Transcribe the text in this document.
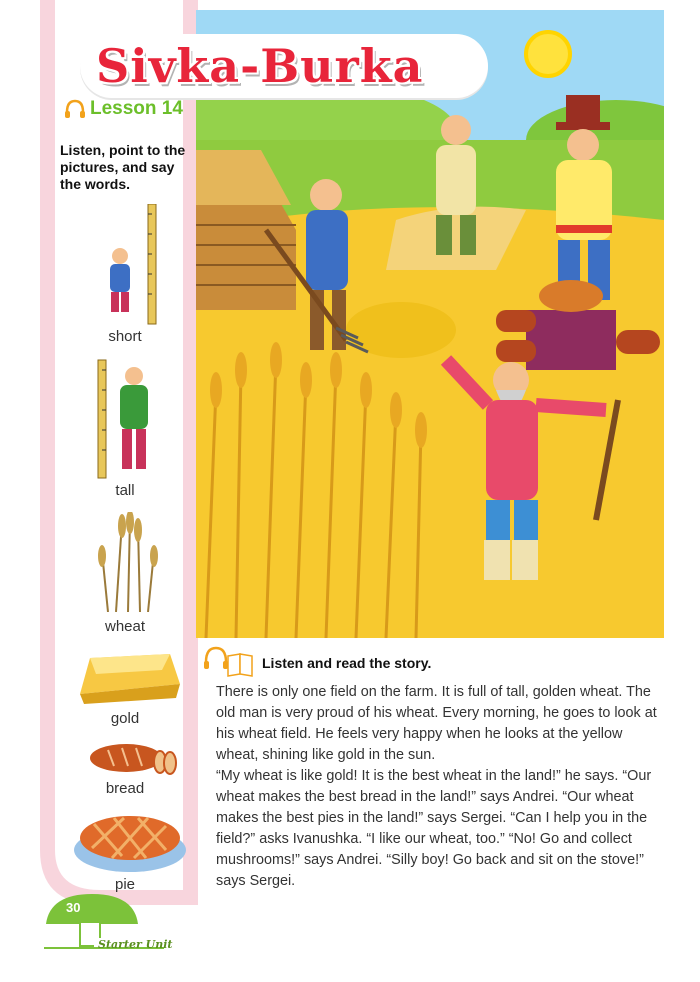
Sivka-Burka
Lesson 14
Listen, point to the pictures, and say the words.
short
tall
wheat
gold
bread
pie
Listen and read the story.

There is only one field on the farm. It is full of tall, golden wheat. The old man is very proud of his wheat. Every morning, he goes to look at his wheat field. He feels very happy when he looks at the yellow wheat, shining like gold in the sun.

“My wheat is like gold! It is the best wheat in the land!” he says. “Our wheat makes the best bread in the land!” says Andrei. “Our wheat makes the best pies in the land!” says Sergei. “Can I help you in the field?” asks Ivanushka. “I like our wheat, too.” “No! Go and collect mushrooms!” says Andrei. “Silly boy! Go back and sit on the stove!” says Sergei.

30
Starter Unit
